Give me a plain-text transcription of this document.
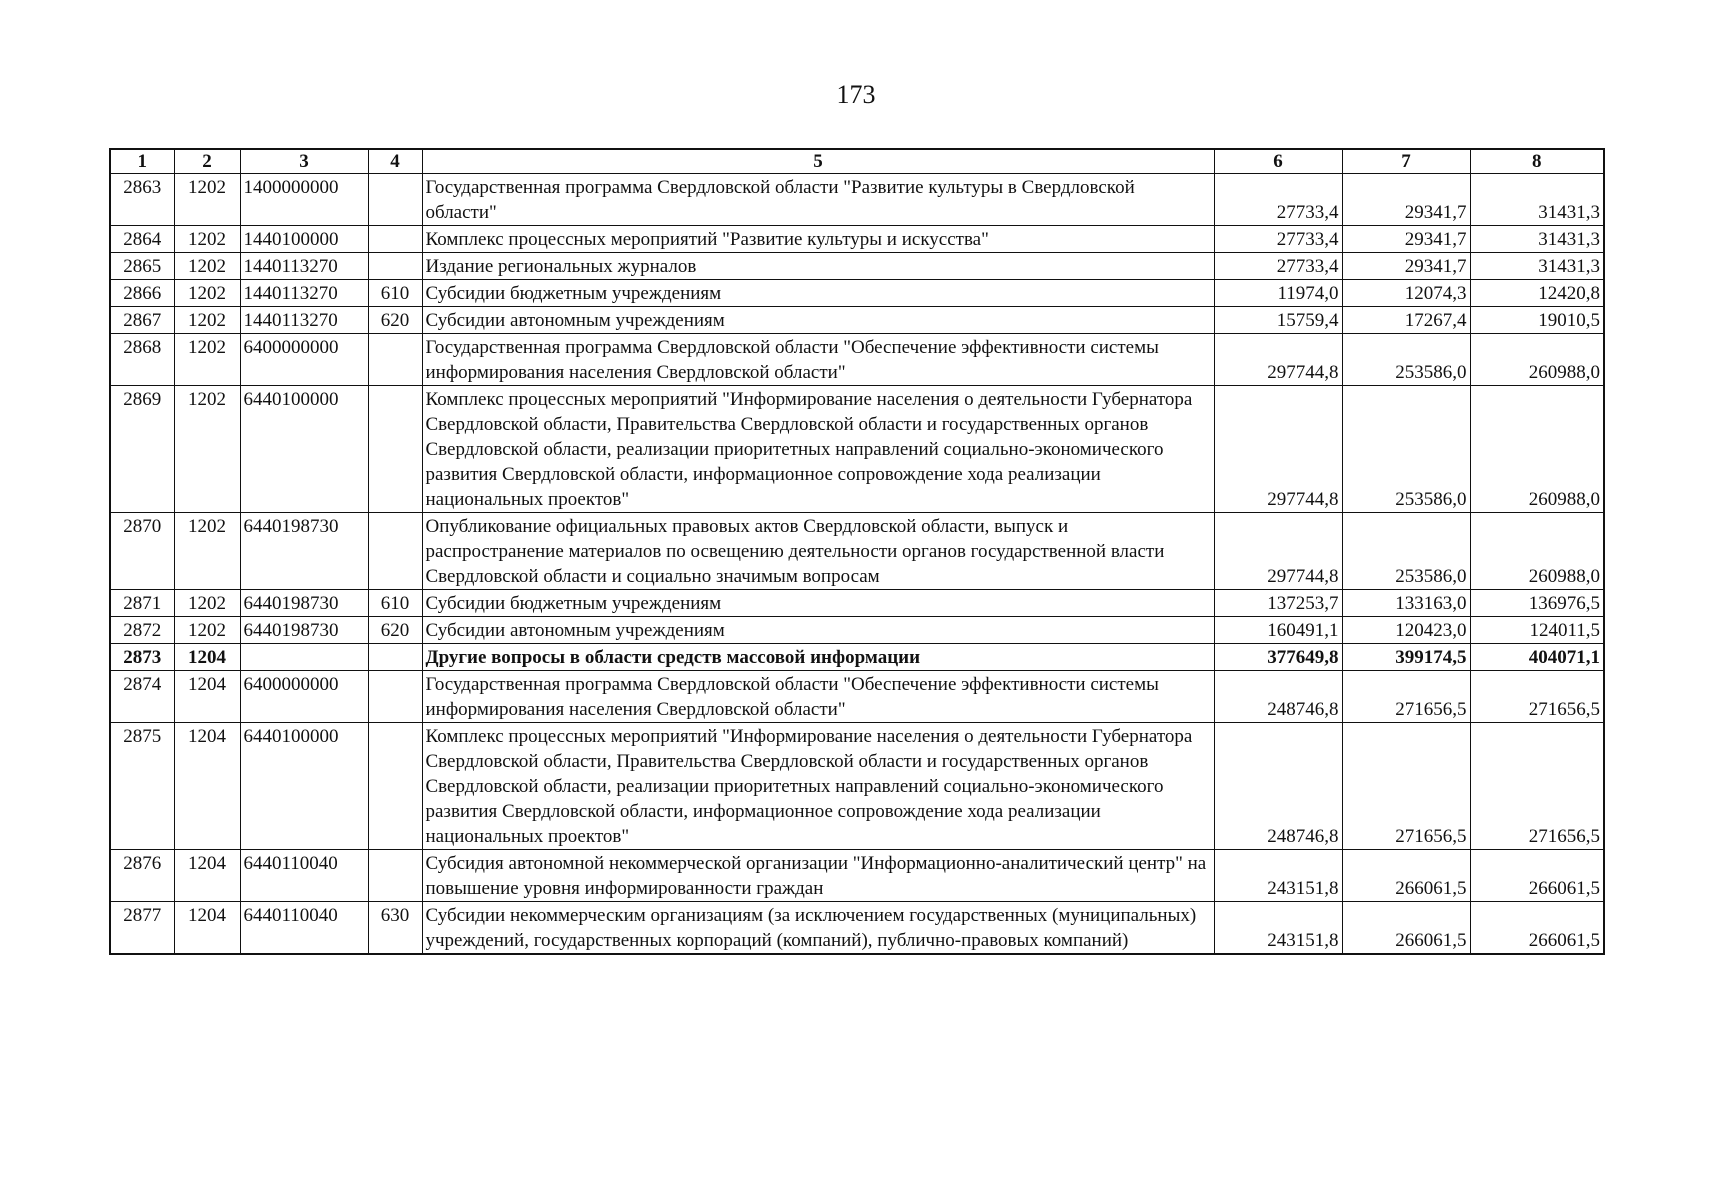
173
1	2	3	4	5	6	7	8
2863	1202	1400000000		Государственная программа Свердловской области "Развитие культуры в Свердловской области"	27733,4	29341,7	31431,3
2864	1202	1440100000		Комплекс процессных мероприятий "Развитие культуры и искусства"	27733,4	29341,7	31431,3
2865	1202	1440113270		Издание региональных журналов	27733,4	29341,7	31431,3
2866	1202	1440113270	610	Субсидии бюджетным учреждениям	11974,0	12074,3	12420,8
2867	1202	1440113270	620	Субсидии автономным учреждениям	15759,4	17267,4	19010,5
2868	1202	6400000000		Государственная программа Свердловской области "Обеспечение эффективности системы информирования населения Свердловской области"	297744,8	253586,0	260988,0
2869	1202	6440100000		Комплекс процессных мероприятий "Информирование населения о деятельности Губернатора Свердловской области, Правительства Свердловской области и государственных органов Свердловской области, реализации приоритетных направлений социально-экономического развития Свердловской области, информационное сопровождение хода реализации национальных проектов"	297744,8	253586,0	260988,0
2870	1202	6440198730		Опубликование официальных правовых актов Свердловской области, выпуск и распространение материалов по освещению деятельности органов государственной власти Свердловской области и социально значимым вопросам	297744,8	253586,0	260988,0
2871	1202	6440198730	610	Субсидии бюджетным учреждениям	137253,7	133163,0	136976,5
2872	1202	6440198730	620	Субсидии автономным учреждениям	160491,1	120423,0	124011,5
2873	1204			Другие вопросы в области средств массовой информации	377649,8	399174,5	404071,1
2874	1204	6400000000		Государственная программа Свердловской области "Обеспечение эффективности системы информирования населения Свердловской области"	248746,8	271656,5	271656,5
2875	1204	6440100000		Комплекс процессных мероприятий "Информирование населения о деятельности Губернатора Свердловской области, Правительства Свердловской области и государственных органов Свердловской области, реализации приоритетных направлений социально-экономического развития Свердловской области, информационное сопровождение хода реализации национальных проектов"	248746,8	271656,5	271656,5
2876	1204	6440110040		Субсидия автономной некоммерческой организации "Информационно-аналитический центр" на повышение уровня информированности граждан	243151,8	266061,5	266061,5
2877	1204	6440110040	630	Субсидии некоммерческим организациям (за исключением государственных (муниципальных) учреждений, государственных корпораций (компаний), публично-правовых компаний)	243151,8	266061,5	266061,5
